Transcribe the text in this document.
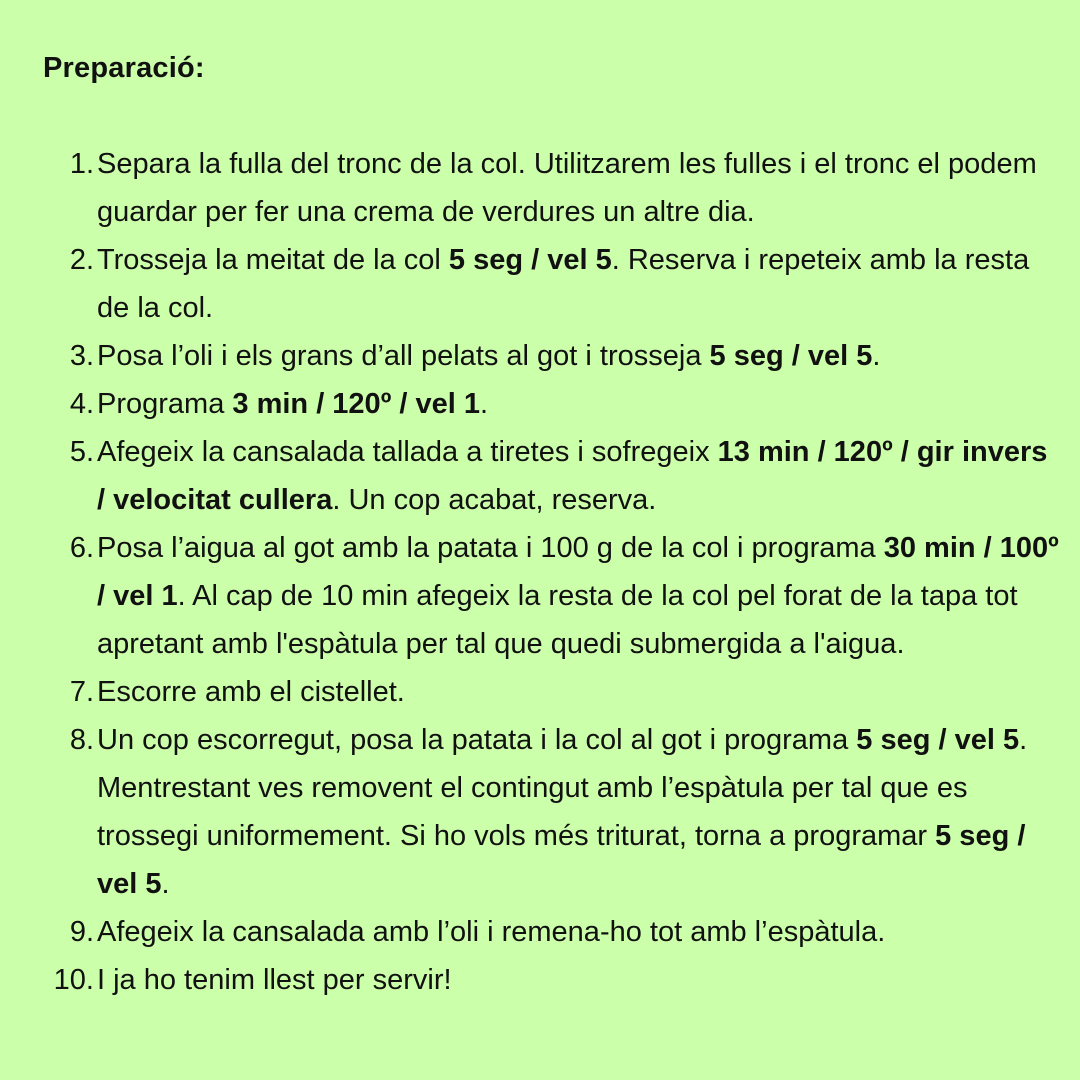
Preparació:
1. Separa la fulla del tronc de la col. Utilitzarem les fulles i el tronc el podem guardar per fer una crema de verdures un altre dia.
2. Trosseja la meitat de la col 5 seg / vel 5. Reserva i repeteix amb la resta de la col.
3. Posa l’oli i els grans d’all pelats al got i trosseja 5 seg / vel 5.
4. Programa 3 min / 120º / vel 1.
5. Afegeix la cansalada tallada a tiretes i sofregeix 13 min / 120º / gir invers / velocitat cullera. Un cop acabat, reserva.
6. Posa l’aigua al got amb la patata i 100 g de la col i programa 30 min / 100º / vel 1. Al cap de 10 min afegeix la resta de la col pel forat de la tapa tot apretant amb l'espàtula per tal que quedi submergida a l'aigua.
7. Escorre amb el cistellet.
8. Un cop escorregut, posa la patata i la col al got i programa 5 seg / vel 5. Mentrestant ves removent el contingut amb l’espàtula per tal que es trossegi uniformement. Si ho vols més triturat, torna a programar 5 seg / vel 5.
9. Afegeix la cansalada amb l’oli i remena-ho tot amb l’espàtula.
10. I ja ho tenim llest per servir!
